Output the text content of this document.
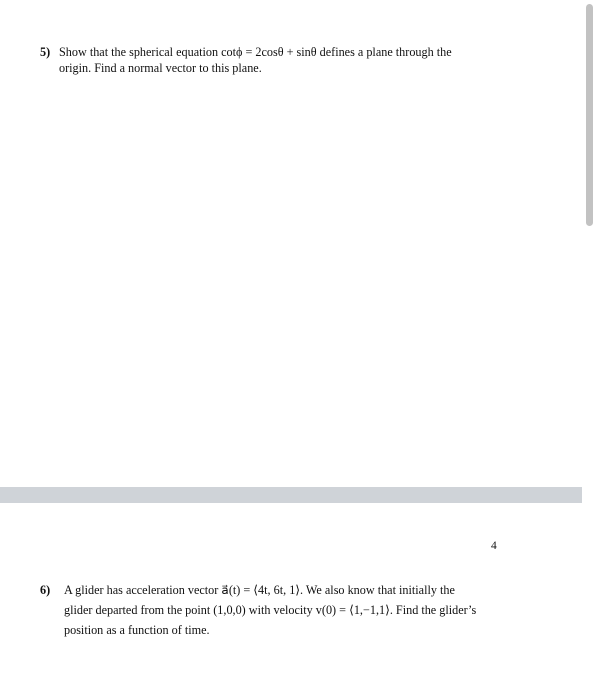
5) Show that the spherical equation cotϕ = 2cosθ + sinθ defines a plane through the
origin. Find a normal vector to this plane.
4
6) A glider has acceleration vector a⃗(t) = ⟨4t, 6t, 1⟩. We also know that initially the
glider departed from the point (1,0,0) with velocity v(0) = ⟨1,−1,1⟩. Find the glider’s
position as a function of time.
